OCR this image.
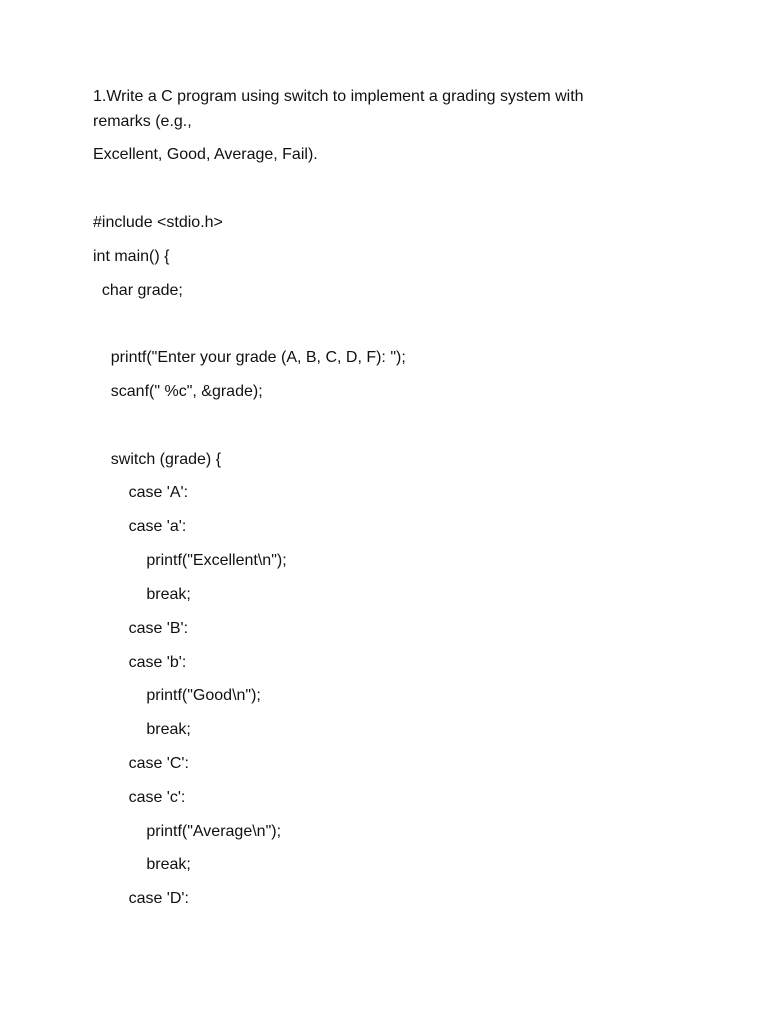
1.Write a C program using switch to implement a grading system with
remarks (e.g.,
Excellent, Good, Average, Fail).
#include <stdio.h>
int main() {
char grade;
printf("Enter your grade (A, B, C, D, F): ");
scanf(" %c", &grade);
switch (grade) {
case 'A':
case 'a':
printf("Excellent\n");
break;
case 'B':
case 'b':
printf("Good\n");
break;
case 'C':
case 'c':
printf("Average\n");
break;
case 'D':
